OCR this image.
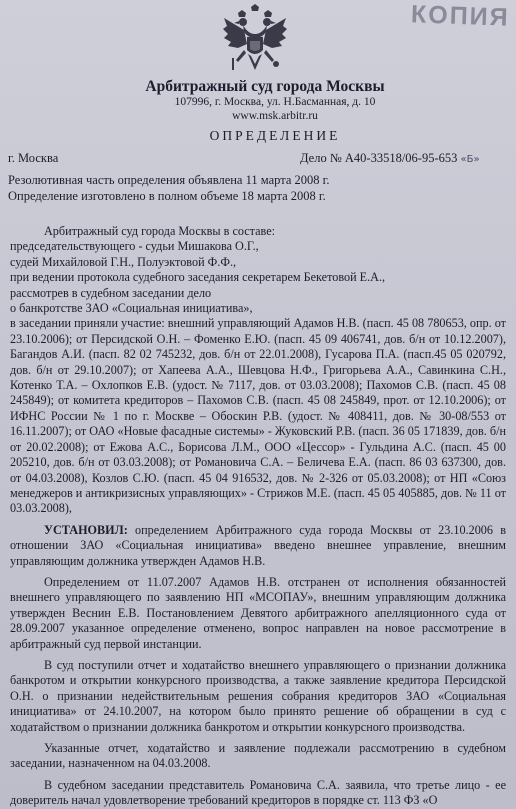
КОПИЯ
Арбитражный суд города Москвы
107996, г. Москва, ул. Н.Басманная, д. 10
www.msk.arbitr.ru
ОПРЕДЕЛЕНИЕ
г. Москва	Дело № А40-33518/06-95-653 «Б»
Резолютивная часть определения объявлена 11 марта 2008 г.
Определение изготовлено в полном объеме 18 марта 2008 г.

Арбитражный суд города Москвы в составе:

председательствующего - судьи Мишакова О.Г.,

судей Михайловой Г.Н., Полуэктовой Ф.Ф.,

при ведении протокола судебного заседания секретарем Бекетовой Е.А.,

рассмотрев в судебном заседании дело

о банкротстве ЗАО «Социальная инициатива»,

в заседании приняли участие: внешний управляющий Адамов Н.В. (пасп. 45 08 780653, опр. от 23.10.2006); от Персидской О.Н. – Фоменко Е.Ю. (пасп. 45 09 406741, дов. б/н от 10.12.2007), Багандов А.И. (пасп. 82 02 745232, дов. б/н от 22.01.2008), Гусарова П.А. (пасп.45 05 020792, дов. б/н от 29.10.2007); от Хапеева А.А., Шевцова Н.Ф., Григорьева А.А., Савинкина С.Н., Котенко Т.А. – Охлопков Е.В. (удост. № 7117, дов. от 03.03.2008); Пахомов С.В. (пасп. 45 08 245849); от комитета кредиторов – Пахомов С.В. (пасп. 45 08 245849, прот. от 12.10.2006); от ИФНС России № 1 по г. Москве – Обоскин Р.В. (удост. № 408411, дов. № 30-08/553 от 16.11.2007); от ОАО «Новые фасадные системы» - Жуковский Р.В. (пасп. 36 05 171839, дов. б/н от 20.02.2008); от Ежова А.С., Борисова Л.М., ООО «Цессор» - Гульдина А.С. (пасп. 45 00 205210, дов. б/н от 03.03.2008); от Романовича С.А. – Беличева Е.А. (пасп. 86 03 637300, дов. от 04.03.2008), Козлов С.Ю. (пасп. 45 04 916532, дов. № 2-326 от 05.03.2008); от НП «Союз менеджеров и антикризисных управляющих» - Стрижов М.Е. (пасп. 45 05 405885, дов. № 11 от 03.03.2008),

УСТАНОВИЛ: определением Арбитражного суда города Москвы от 23.10.2006 в отношении ЗАО «Социальная инициатива» введено внешнее управление, внешним управляющим должника утвержден Адамов Н.В.

Определением от 11.07.2007 Адамов Н.В. отстранен от исполнения обязанностей внешнего управляющего по заявлению НП «МСОПАУ», внешним управляющим должника утвержден Веснин Е.В. Постановлением Девятого арбитражного апелляционного суда от 28.09.2007 указанное определение отменено, вопрос направлен на новое рассмотрение в арбитражный суд первой инстанции.

В суд поступили отчет и ходатайство внешнего управляющего о признании должника банкротом и открытии конкурсного производства, а также заявление кредитора Персидской О.Н. о признании недействительным решения собрания кредиторов ЗАО «Социальная инициатива» от 24.10.2007, на котором было принято решение об обращении в суд с ходатайством о признании должника банкротом и открытии конкурсного производства.

Указанные отчет, ходатайство и заявление подлежали рассмотрению в судебном заседании, назначенном на 04.03.2008.

В судебном заседании представитель Романовича С.А. заявила, что третье лицо - ее доверитель начал удовлетворение требований кредиторов в порядке ст. 113 ФЗ «О
